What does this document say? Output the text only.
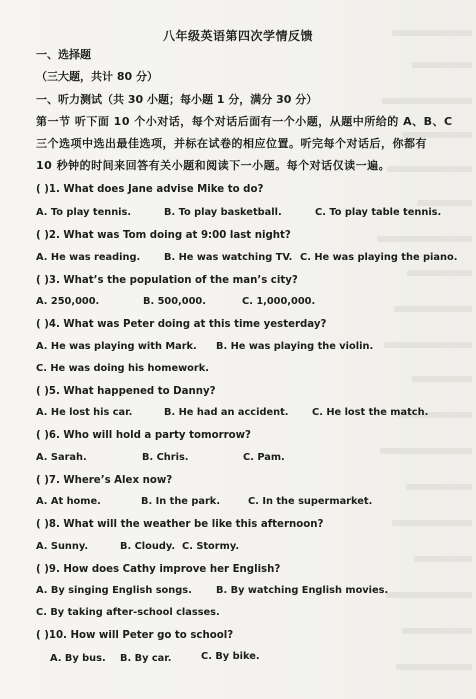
八年级英语第四次学情反馈
一、选择题
（三大题，共计 80 分）
一、听力测试（共 30 小题；每小题 1 分，满分 30 分）
第一节 听下面 10 个小对话，每个对话后面有一个小题，从题中所给的 A、B、C
三个选项中选出最佳选项，并标在试卷的相应位置。听完每个对话后，你都有
10 秒钟的时间来回答有关小题和阅读下一小题。每个对话仅读一遍。
( )1. What does Jane advise Mike to do?
A. To play tennis.	B. To play basketball.	C. To play table tennis.
( )2. What was Tom doing at 9:00 last night?
A. He was reading. B. He was watching TV. C. He was playing the piano.
( )3. What’s the population of the man’s city?
A. 250,000.	B. 500,000.	C. 1,000,000.
( )4. What was Peter doing at this time yesterday?
A. He was playing with Mark. B. He was playing the violin.
C. He was doing his homework.
( )5. What happened to Danny?
A. He lost his car.	B. He had an accident. C. He lost the match.
( )6. Who will hold a party tomorrow?
A. Sarah.	B. Chris.	C. Pam.
( )7. Where’s Alex now?
A. At home.	B. In the park.	C. In the supermarket.
( )8. What will the weather be like this afternoon?
A. Sunny.	B. Cloudy. C. Stormy.
( )9. How does Cathy improve her English?
A. By singing English songs. B. By watching English movies.
C. By taking after-school classes.
( )10. How will Peter go to school?
A. By bus. B. By car.	C. By bike.
